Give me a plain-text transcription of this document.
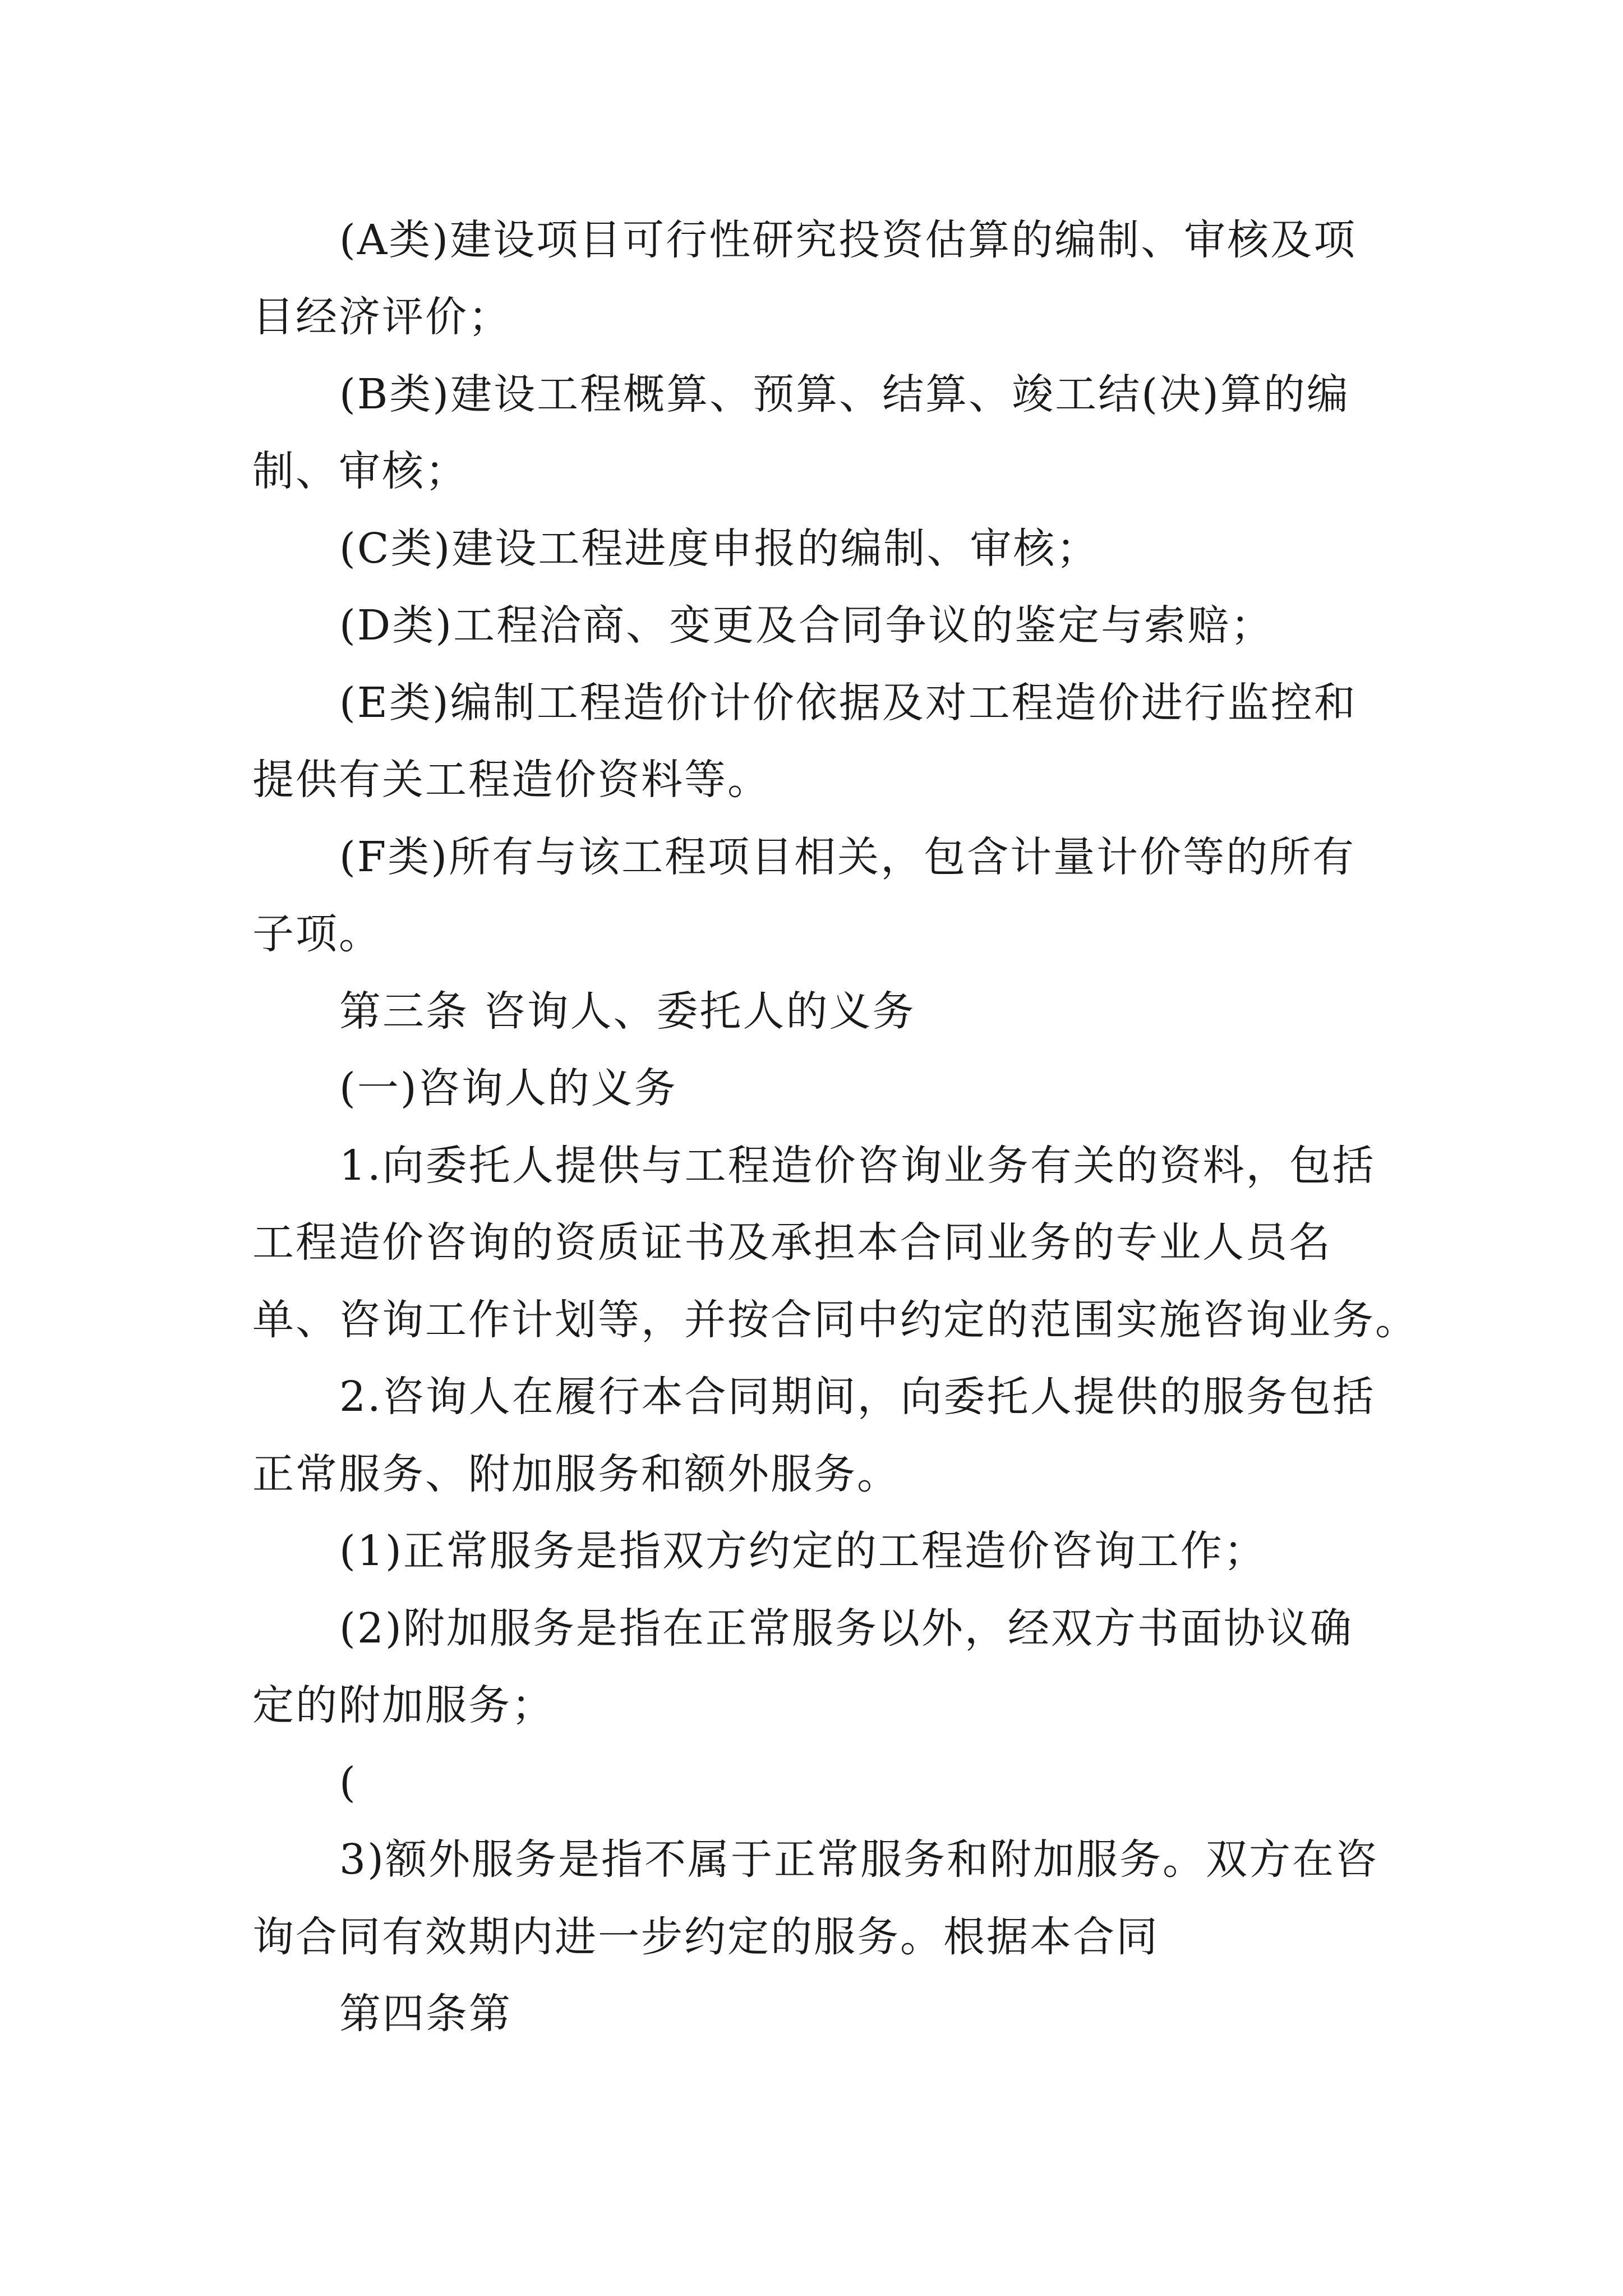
(A类)建设项目可行性研究投资估算的编制、审核及项
目经济评价；
(B类)建设工程概算、预算、结算、竣工结(决)算的编
制、审核；
(C类)建设工程进度申报的编制、审核；
(D类)工程洽商、变更及合同争议的鉴定与索赔；
(E类)编制工程造价计价依据及对工程造价进行监控和
提供有关工程造价资料等。
(F类)所有与该工程项目相关，包含计量计价等的所有
子项。
第三条 咨询人、委托人的义务
(一)咨询人的义务
1.向委托人提供与工程造价咨询业务有关的资料，包括
工程造价咨询的资质证书及承担本合同业务的专业人员名
单、咨询工作计划等，并按合同中约定的范围实施咨询业务。
2.咨询人在履行本合同期间，向委托人提供的服务包括
正常服务、附加服务和额外服务。
(1)正常服务是指双方约定的工程造价咨询工作；
(2)附加服务是指在正常服务以外，经双方书面协议确
定的附加服务；
(
3)额外服务是指不属于正常服务和附加服务。双方在咨
询合同有效期内进一步约定的服务。根据本合同
第四条第
